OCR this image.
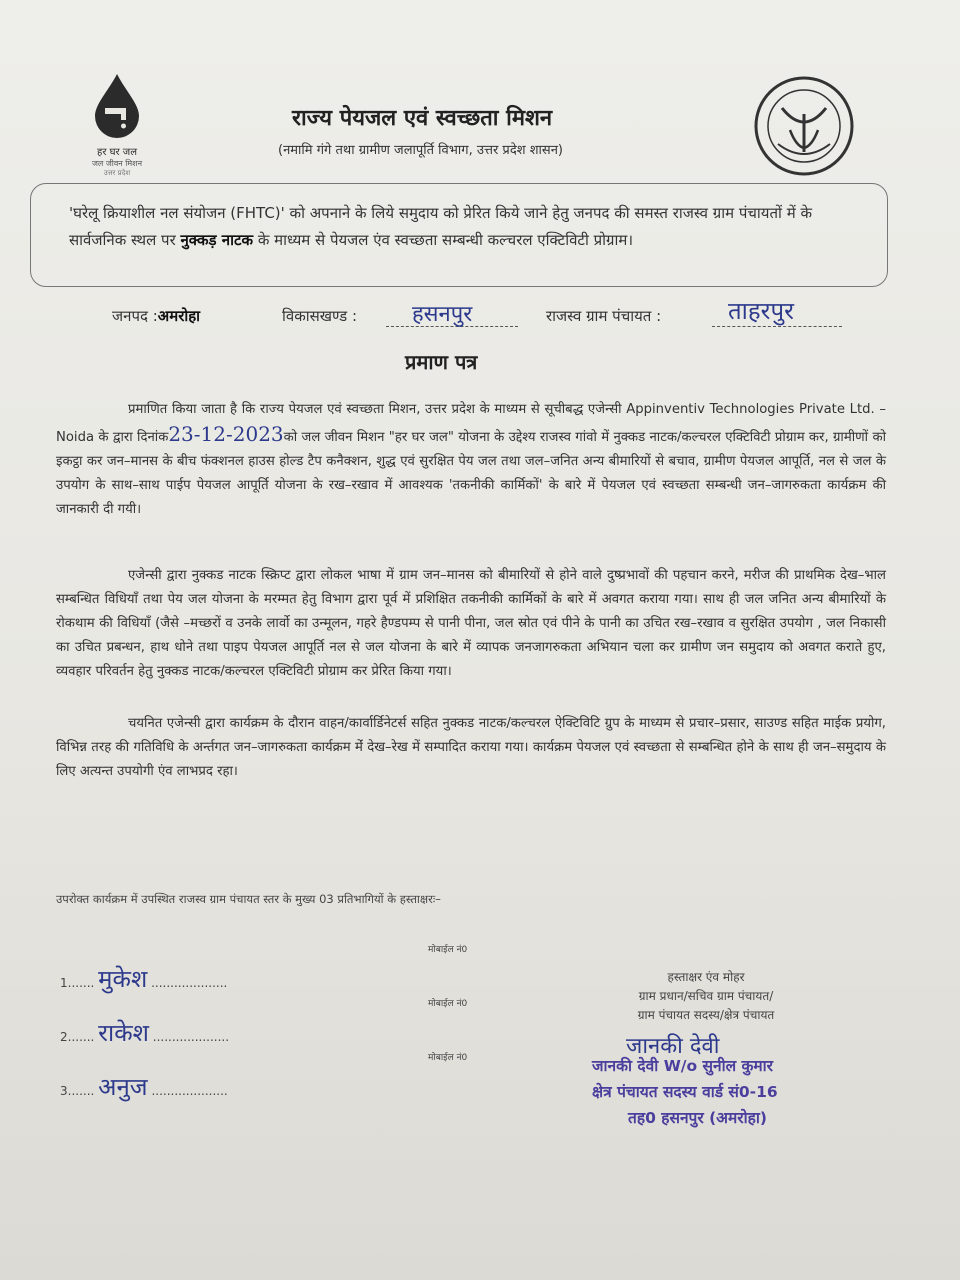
हर घर जल
जल जीवन मिशन
उत्तर प्रदेश
राज्य पेयजल एवं स्वच्छता मिशन
(नमामि गंगे तथा ग्रामीण जलापूर्ति विभाग, उत्तर प्रदेश शासन)
'घरेलू क्रियाशील नल संयोजन (FHTC)' को अपनाने के लिये समुदाय को प्रेरित किये जाने हेतु जनपद की समस्त राजस्व ग्राम पंचायतों में के सार्वजनिक स्थल पर नुक्कड़ नाटक के माध्यम से पेयजल एंव स्वच्छता सम्बन्धी कल्चरल एक्टिविटी प्रोग्राम।
जनपद :अमरोहा	विकासखण्ड : हसनपुर	राजस्व ग्राम पंचायत :	ताहरपुर
प्रमाण पत्र
प्रमाणित किया जाता है कि राज्य पेयजल एवं स्वच्छता मिशन, उत्तर प्रदेश के माध्यम से सूचीबद्ध एजेन्सी Appinventiv Technologies Private Ltd. – Noida के द्वारा दिनांक23-12-2023को जल जीवन मिशन "हर घर जल" योजना के उद्देश्य राजस्व गांवो में नुक्कड नाटक/कल्चरल एक्टिविटी प्रोग्राम कर, ग्रामीणों को इकट्ठा कर जन–मानस के बीच फंक्शनल हाउस होल्ड टैप कनैक्शन, शुद्ध एवं सुरक्षित पेय जल तथा जल–जनित अन्य बीमारियों से बचाव, ग्रामीण पेयजल आपूर्ति, नल से जल के उपयोग के साथ–साथ पाईप पेयजल आपूर्ति योजना के रख–रखाव में आवश्यक 'तकनीकी कार्मिकों' के बारे में पेयजल एवं स्वच्छता सम्बन्धी जन–जागरुकता कार्यक्रम की जानकारी दी गयी।
एजेन्सी द्वारा नुक्कड नाटक स्क्रिप्ट द्वारा लोकल भाषा में ग्राम जन–मानस को बीमारियों से होने वाले दुष्प्रभावों की पहचान करने, मरीज की प्राथमिक देख–भाल सम्बन्धित विधियाँ तथा पेय जल योजना के मरम्मत हेतु विभाग द्वारा पूर्व में प्रशिक्षित तकनीकी कार्मिकों के बारे में अवगत कराया गया। साथ ही जल जनित अन्य बीमारियों के रोकथाम की विधियाँ (जैसे –मच्छरों व उनके लार्वो का उन्मूलन, गहरे हैण्डपम्प से पानी पीना, जल स्रोत एवं पीने के पानी का उचित रख–रखाव व सुरक्षित उपयोग , जल निकासी का उचित प्रबन्धन, हाथ धोने तथा पाइप पेयजल आपूर्ति नल से जल योजना के बारे में व्यापक जनजागरुकता अभियान चला कर ग्रामीण जन समुदाय को अवगत कराते हुए, व्यवहार परिवर्तन हेतु नुक्कड नाटक/कल्चरल एक्टिविटी प्रोग्राम कर प्रेरित किया गया।
चयनित एजेन्सी द्वारा कार्यक्रम के दौरान वाहन/कार्वार्डिनेटर्स सहित नुक्कड नाटक/कल्चरल ऐक्टिविटि ग्रुप के माध्यम से प्रचार–प्रसार, साउण्ड सहित माईक प्रयोग, विभिन्न तरह की गतिविधि के अर्न्तगत जन–जागरुकता कार्यक्रम मेंं देख–रेख में सम्पादित कराया गया। कार्यक्रम पेयजल एवं स्वच्छता से सम्बन्धित होने के साथ ही जन–समुदाय के लिए अत्यन्त उपयोगी एंव लाभप्रद रहा।
उपरोक्त कार्यक्रम में उपस्थित राजस्व ग्राम पंचायत स्तर के मुख्य 03 प्रतिभागियों के हस्ताक्षरः–
1....... मुकेश ....................
मोबाईल नं0
2....... राकेश ....................
मोबाईल नं0
3....... अनुज ....................
मोबाईल नं0
हस्ताक्षर एंव मोहर
ग्राम प्रधान/सचिव ग्राम पंचायत/
ग्राम पंचायत सदस्य/क्षेत्र पंचायत
जानकी देवी
जानकी देवी W/o सुनील कुमार
क्षेत्र पंचायत सदस्य वार्ड सं0-16
तह0 हसनपुर (अमरोहा)
